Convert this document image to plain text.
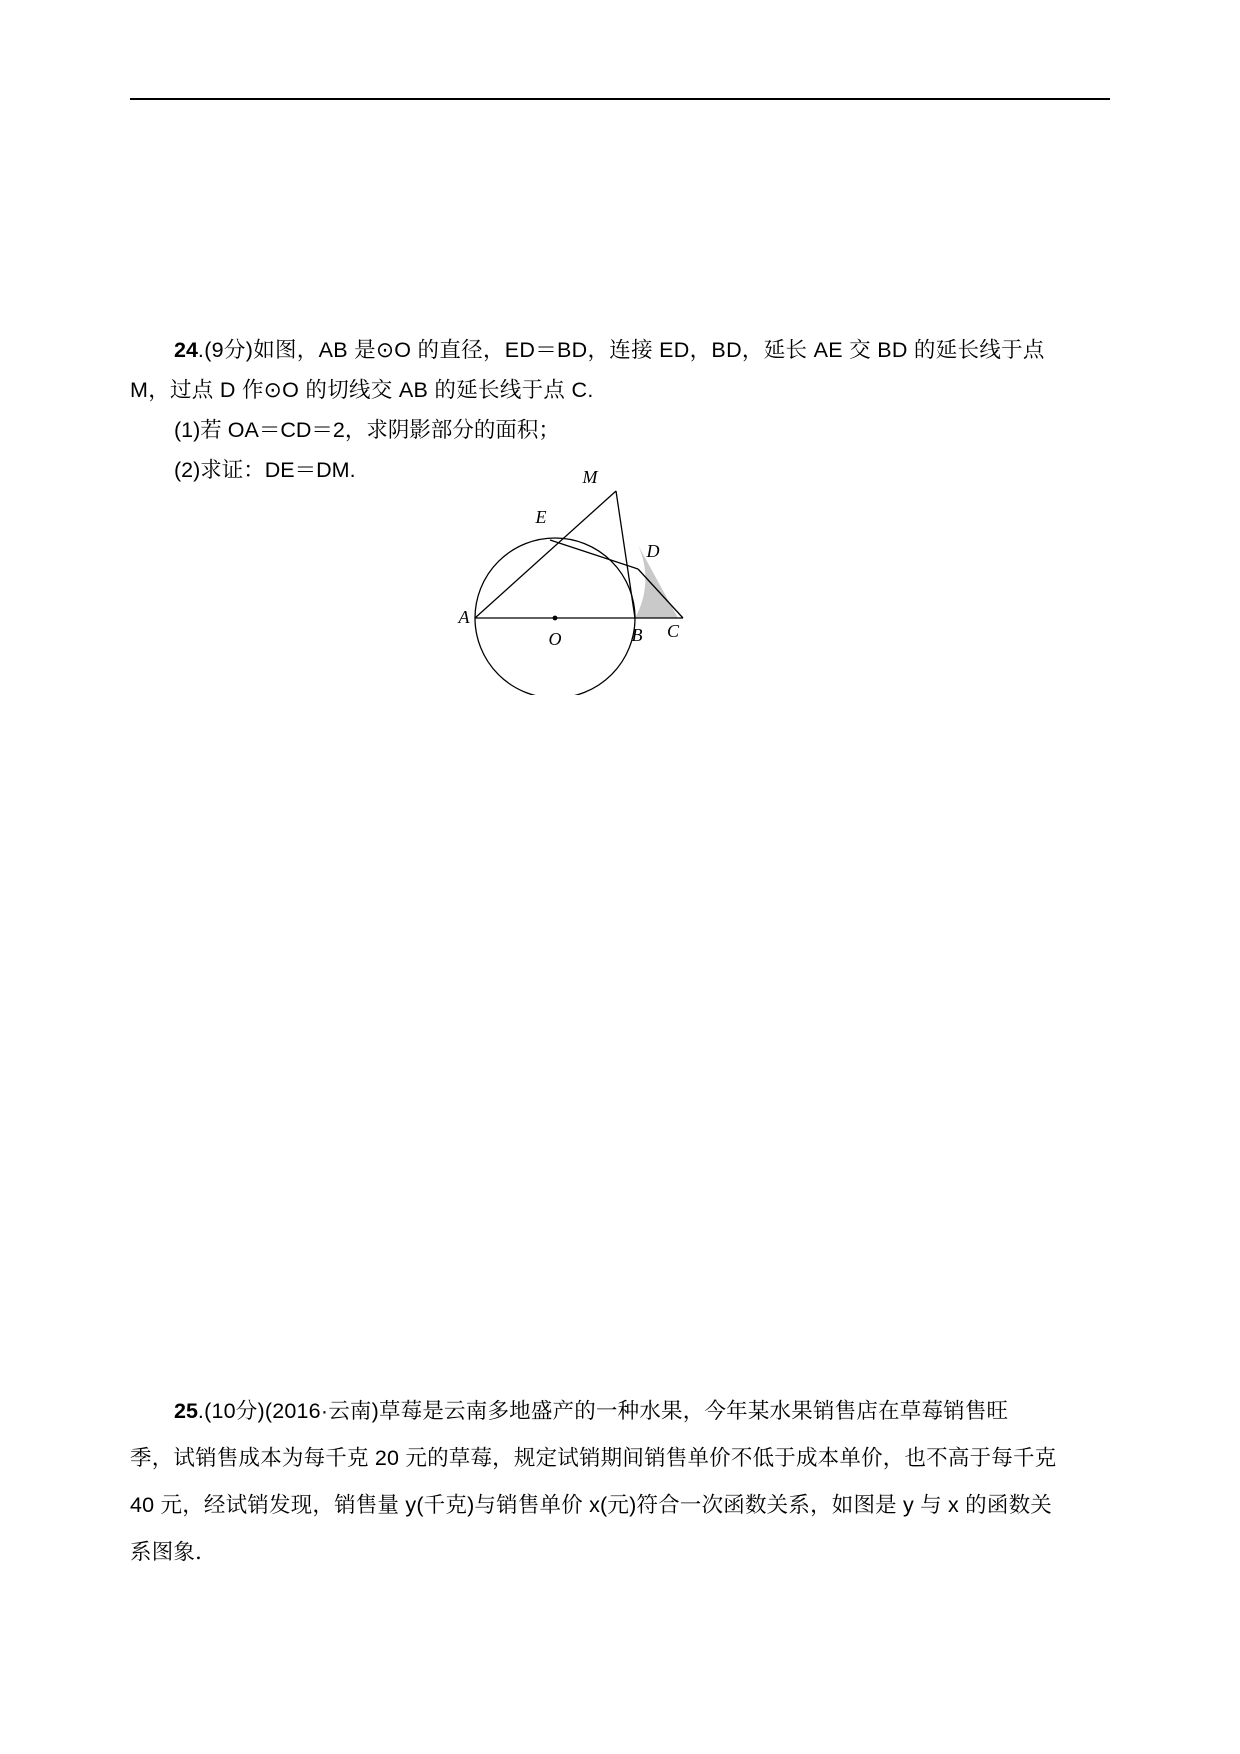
24.(9分)如图，AB 是⊙O 的直径，ED＝BD，连接 ED，BD，延长 AE 交 BD 的延长线于点
M，过点 D 作⊙O 的切线交 AB 的延长线于点 C.
(1)若 OA＝CD＝2，求阴影部分的面积；
(2)求证：DE＝DM.	M
E
D
A
B C
O
25.(10分)(2016·云南)草莓是云南多地盛产的一种水果，今年某水果销售店在草莓销售旺
季，试销售成本为每千克 20 元的草莓，规定试销期间销售单价不低于成本单价，也不高于每千克
40 元，经试销发现，销售量 y(千克)与销售单价 x(元)符合一次函数关系，如图是 y 与 x 的函数关
系图象．
